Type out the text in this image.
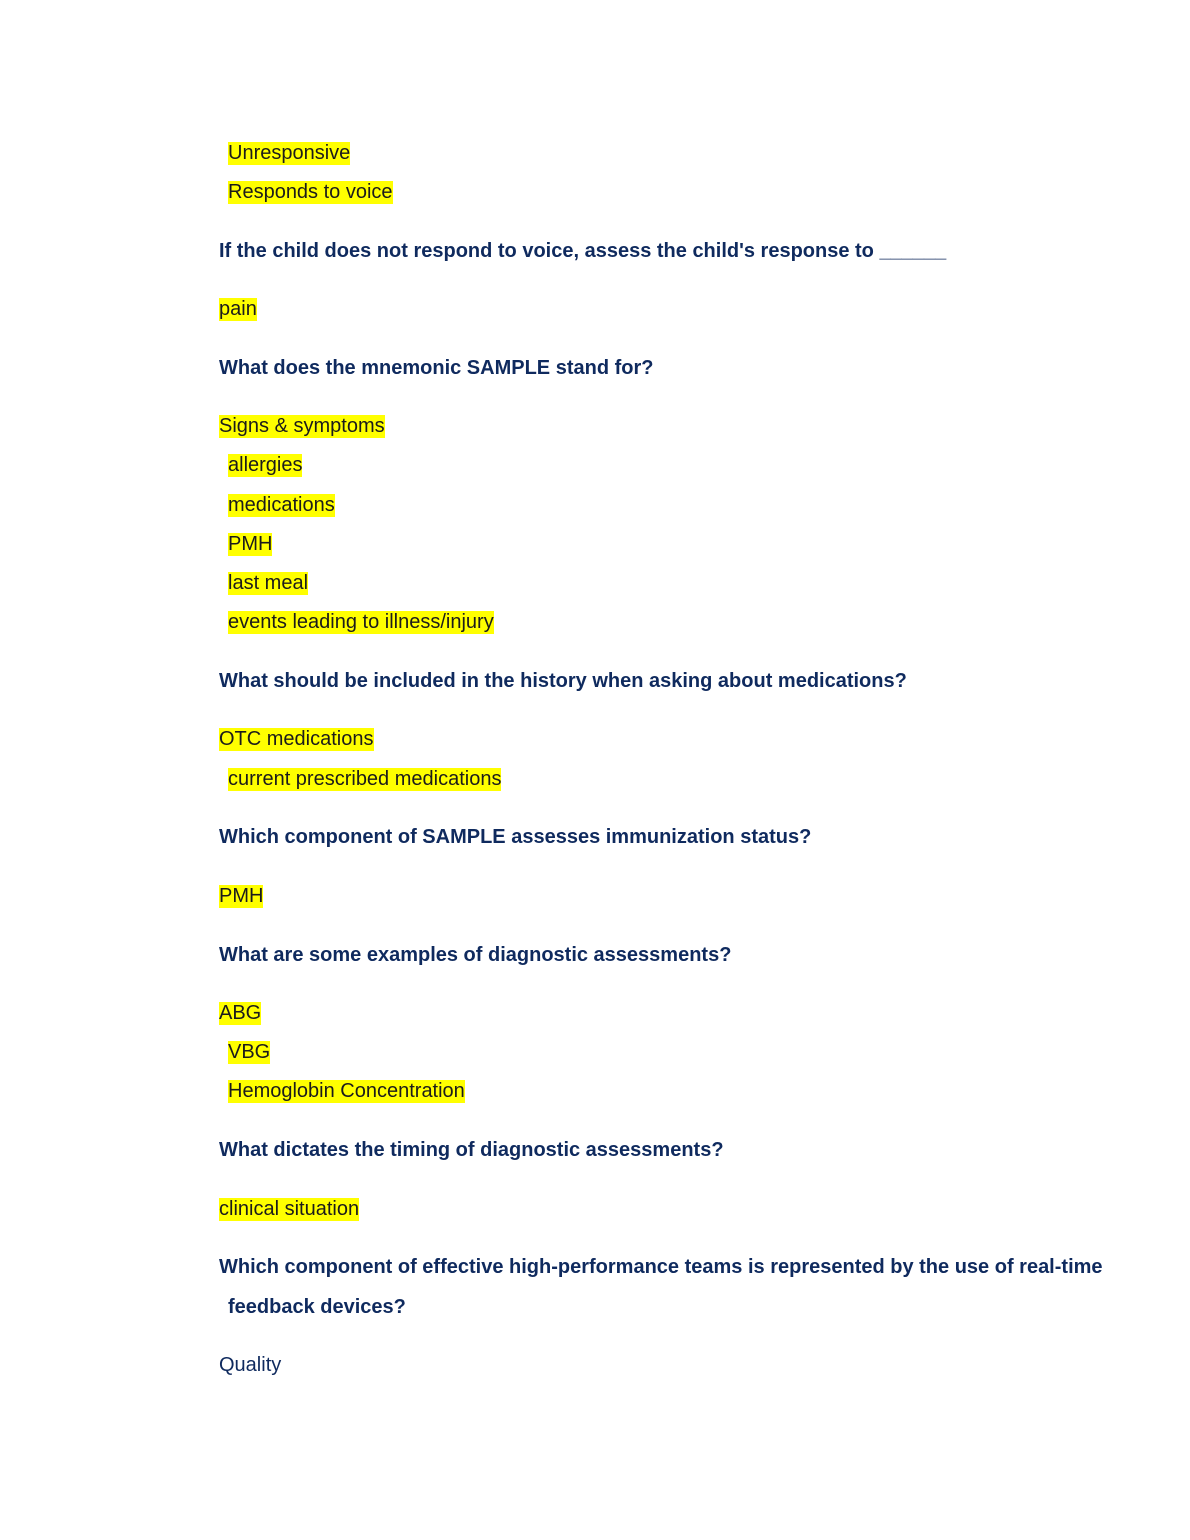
Unresponsive
Responds to voice
If the child does not respond to voice, assess the child's response to ______
pain
What does the mnemonic SAMPLE stand for?
Signs & symptoms
allergies
medications
PMH
last meal
events leading to illness/injury
What should be included in the history when asking about medications?
OTC medications
current prescribed medications
Which component of SAMPLE assesses immunization status?
PMH
What are some examples of diagnostic assessments?
ABG
VBG
Hemoglobin Concentration
What dictates the timing of diagnostic assessments?
clinical situation
Which component of effective high-performance teams is represented by the use of real-time
feedback devices?
Quality
